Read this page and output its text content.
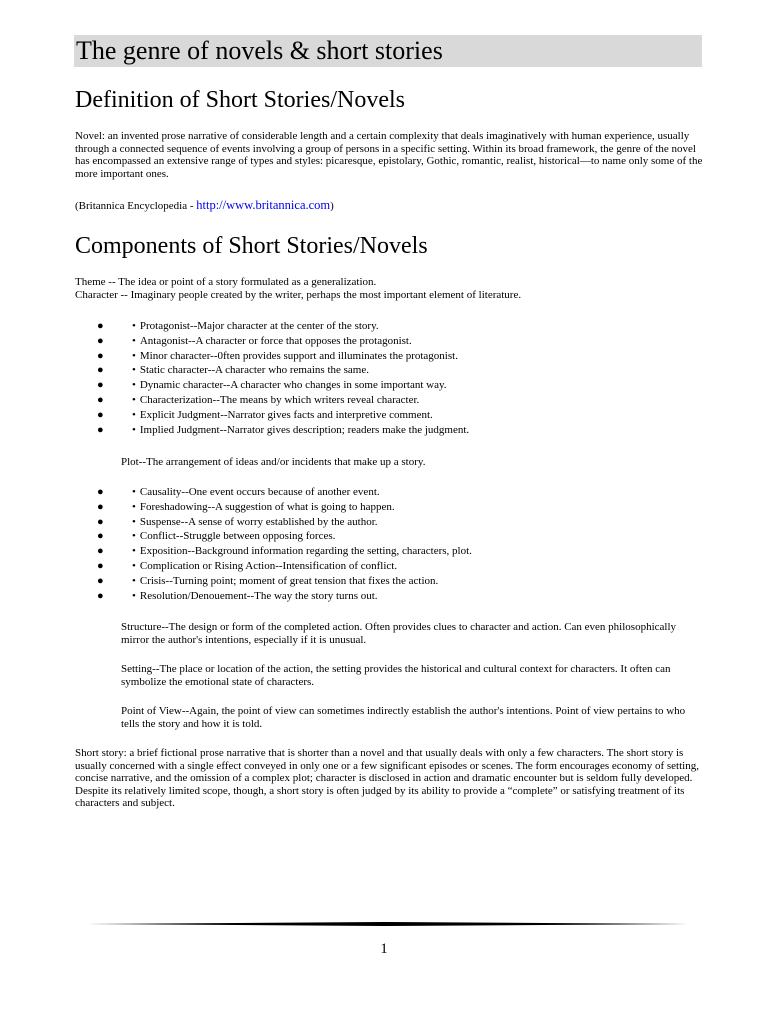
The genre of novels & short stories
Definition of Short Stories/Novels

Novel: an invented prose narrative of considerable length and a certain complexity that deals imaginatively with human experience, usually through a connected sequence of events involving a group of persons in a specific setting. Within its broad framework, the genre of the novel has encompassed an extensive range of types and styles: picaresque, epistolary, Gothic, romantic, realist, historical—to name only some of the more important ones.

(Britannica Encyclopedia - http://www.britannica.com)

Components of Short Stories/Novels

Theme -- The idea or point of a story formulated as a generalization.

Character -- Imaginary people created by the writer, perhaps the most important element of literature.

●	• Protagonist--Major character at the center of the story.
●	• Antagonist--A character or force that opposes the protagonist.
●	• Minor character--0ften provides support and illuminates the protagonist.
●	• Static character--A character who remains the same.
●	• Dynamic character--A character who changes in some important way.
●	• Characterization--The means by which writers reveal character.
●	• Explicit Judgment--Narrator gives facts and interpretive comment.
●	• Implied Judgment--Narrator gives description; readers make the judgment.

Plot--The arrangement of ideas and/or incidents that make up a story.

●	• Causality--One event occurs because of another event.
●	• Foreshadowing--A suggestion of what is going to happen.
●	• Suspense--A sense of worry established by the author.
●	• Conflict--Struggle between opposing forces.
●	• Exposition--Background information regarding the setting, characters, plot.
●	• Complication or Rising Action--Intensification of conflict.
●	• Crisis--Turning point; moment of great tension that fixes the action.
●	• Resolution/Denouement--The way the story turns out.

Structure--The design or form of the completed action. Often provides clues to character and action. Can even philosophically mirror the author's intentions, especially if it is unusual.

Setting--The place or location of the action, the setting provides the historical and cultural context for characters. It often can symbolize the emotional state of characters.

Point of View--Again, the point of view can sometimes indirectly establish the author's intentions. Point of view pertains to who tells the story and how it is told.

Short story: a brief fictional prose narrative that is shorter than a novel and that usually deals with only a few characters. The short story is usually concerned with a single effect conveyed in only one or a few significant episodes or scenes. The form encourages economy of setting, concise narrative, and the omission of a complex plot; character is disclosed in action and dramatic encounter but is seldom fully developed. Despite its relatively limited scope, though, a short story is often judged by its ability to provide a “complete” or satisfying treatment of its characters and subject.

1
